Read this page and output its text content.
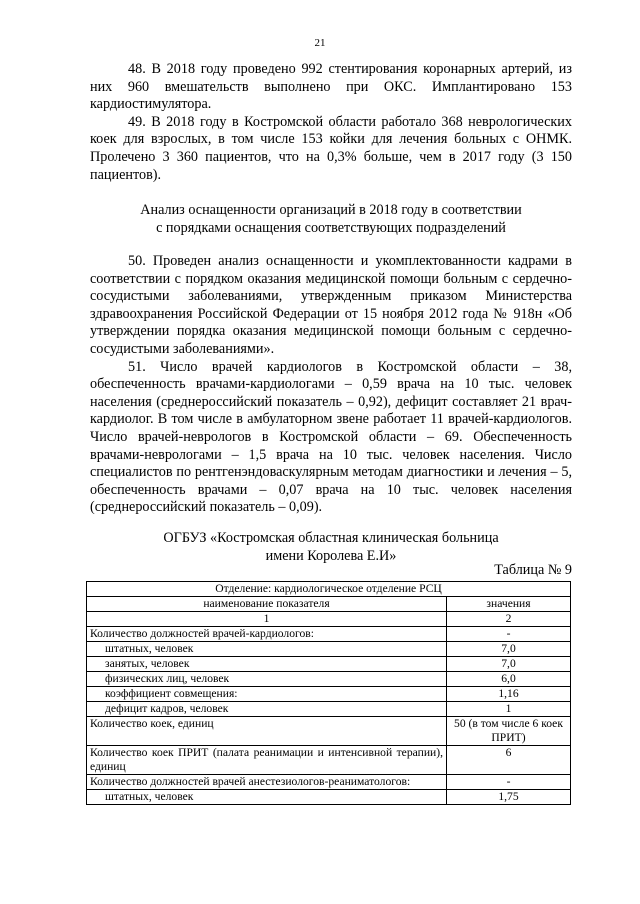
21

48. В 2018 году проведено 992 стентирования коронарных артерий, из них 960 вмешательств выполнено при ОКС. Имплантировано 153 кардиостимулятора.

49. В 2018 году в Костромской области работало 368 неврологических коек для взрослых, в том числе 153 койки для лечения больных с ОНМК. Пролечено 3 360 пациентов, что на 0,3% больше, чем в 2017 году (3 150 пациентов).

Анализ оснащенности организаций в 2018 году в соответствии
с порядками оснащения соответствующих подразделений

50. Проведен анализ оснащенности и укомплектованности кадрами в соответствии с порядком оказания медицинской помощи больным с сердечно-сосудистыми заболеваниями, утвержденным приказом Министерства здравоохранения Российской Федерации от 15 ноября 2012 года № 918н «Об утверждении порядка оказания медицинской помощи больным с сердечно-сосудистыми заболеваниями».

51. Число врачей кардиологов в Костромской области – 38, обеспеченность врачами-кардиологами – 0,59 врача на 10 тыс. человек населения (среднероссийский показатель – 0,92), дефицит составляет 21 врач-кардиолог. В том числе в амбулаторном звене работает 11 врачей-кардиологов. Число врачей-неврологов в Костромской области – 69. Обеспеченность врачами-неврологами – 1,5 врача на 10 тыс. человек населения. Число специалистов по рентгенэндоваскулярным методам диагностики и лечения – 5, обеспеченность врачами – 0,07 врача на 10 тыс. человек населения (среднероссийский показатель – 0,09).

ОГБУЗ «Костромская областная клиническая больница
имени Королева Е.И»
Таблица № 9
Отделение: кардиологическое отделение РСЦ	
наименование показателя	значения
1	2
Количество должностей врачей-кардиологов:	-
штатных, человек	7,0
занятых, человек	7,0
физических лиц, человек	6,0
коэффициент совмещения:	1,16
дефицит кадров, человек	1
Количество коек, единиц	50 (в том числе 6 коек ПРИТ)
Количество коек ПРИТ (палата реанимации и интенсивной терапии), единиц	6
Количество должностей врачей анестезиологов-реаниматологов:	-
штатных, человек	1,75
